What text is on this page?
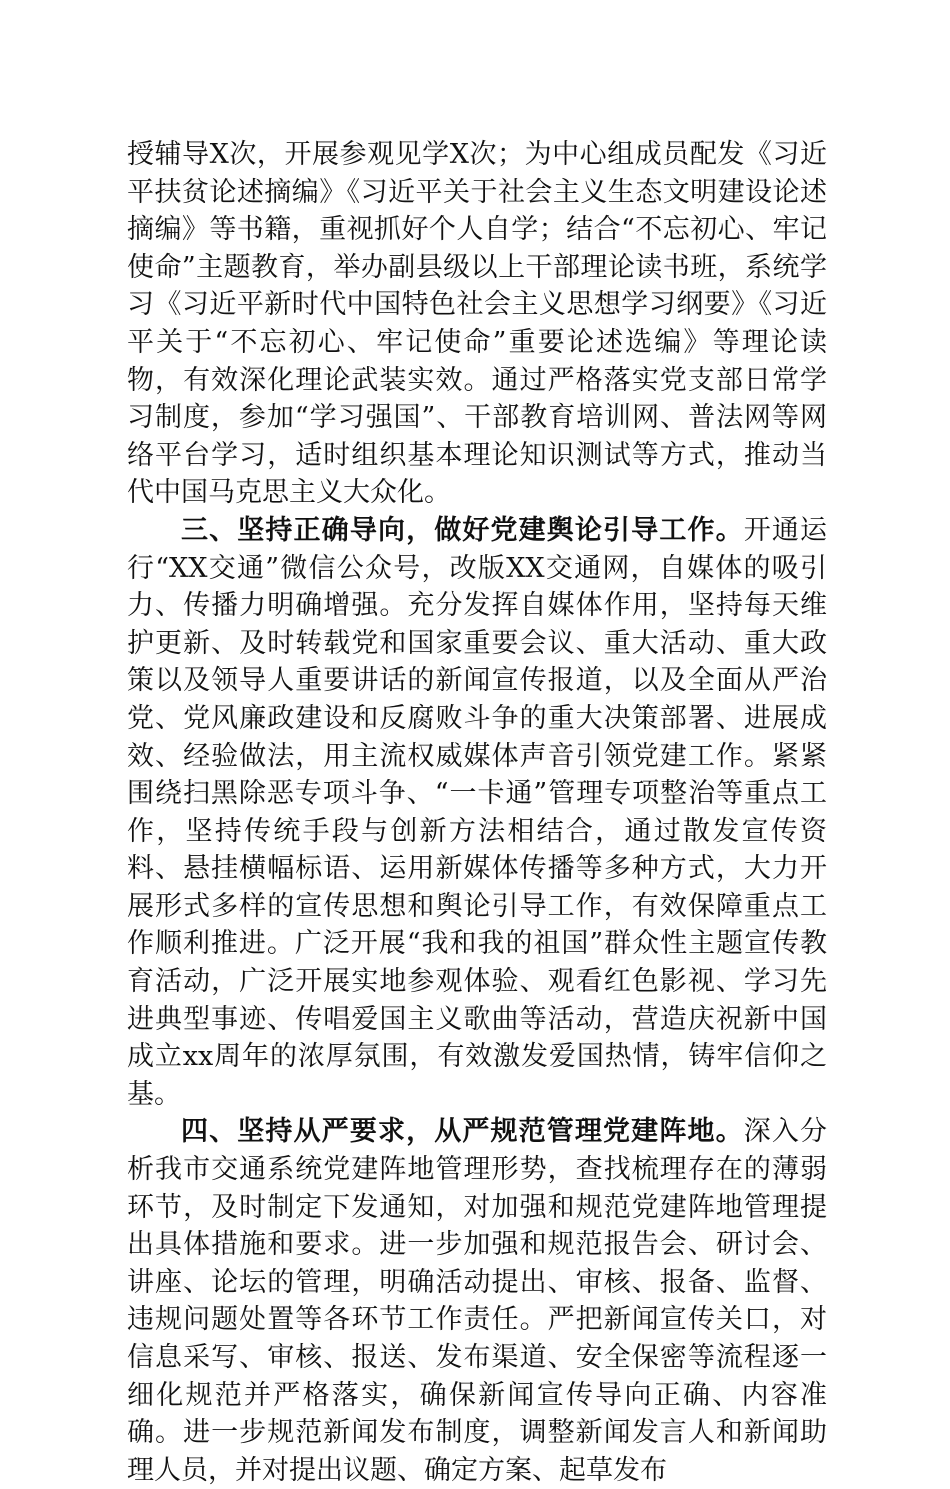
授辅导X次，开展参观见学X次；为中心组成员配发《习近平扶贫论述摘编》《习近平关于社会主义生态文明建设论述摘编》等书籍，重视抓好个人自学；结合“不忘初心、牢记使命”主题教育，举办副县级以上干部理论读书班，系统学习《习近平新时代中国特色社会主义思想学习纲要》《习近平关于“不忘初心、牢记使命”重要论述选编》等理论读物，有效深化理论武装实效。通过严格落实党支部日常学习制度，参加“学习强国”、干部教育培训网、普法网等网络平台学习，适时组织基本理论知识测试等方式，推动当代中国马克思主义大众化。

三、坚持正确导向，做好党建舆论引导工作。开通运行“XX交通”微信公众号，改版XX交通网，自媒体的吸引力、传播力明确增强。充分发挥自媒体作用，坚持每天维护更新、及时转载党和国家重要会议、重大活动、重大政策以及领导人重要讲话的新闻宣传报道，以及全面从严治党、党风廉政建设和反腐败斗争的重大决策部署、进展成效、经验做法，用主流权威媒体声音引领党建工作。紧紧围绕扫黑除恶专项斗争、“一卡通”管理专项整治等重点工作，坚持传统手段与创新方法相结合，通过散发宣传资料、悬挂横幅标语、运用新媒体传播等多种方式，大力开展形式多样的宣传思想和舆论引导工作，有效保障重点工作顺利推进。广泛开展“我和我的祖国”群众性主题宣传教育活动，广泛开展实地参观体验、观看红色影视、学习先进典型事迹、传唱爱国主义歌曲等活动，营造庆祝新中国成立xx周年的浓厚氛围，有效激发爱国热情，铸牢信仰之基。

四、坚持从严要求，从严规范管理党建阵地。深入分析我市交通系统党建阵地管理形势，查找梳理存在的薄弱环节，及时制定下发通知，对加强和规范党建阵地管理提出具体措施和要求。进一步加强和规范报告会、研讨会、讲座、论坛的管理，明确活动提出、审核、报备、监督、违规问题处置等各环节工作责任。严把新闻宣传关口，对信息采写、审核、报送、发布渠道、安全保密等流程逐一细化规范并严格落实，确保新闻宣传导向正确、内容准确。进一步规范新闻发布制度，调整新闻发言人和新闻助理人员，并对提出议题、确定方案、起草发布
